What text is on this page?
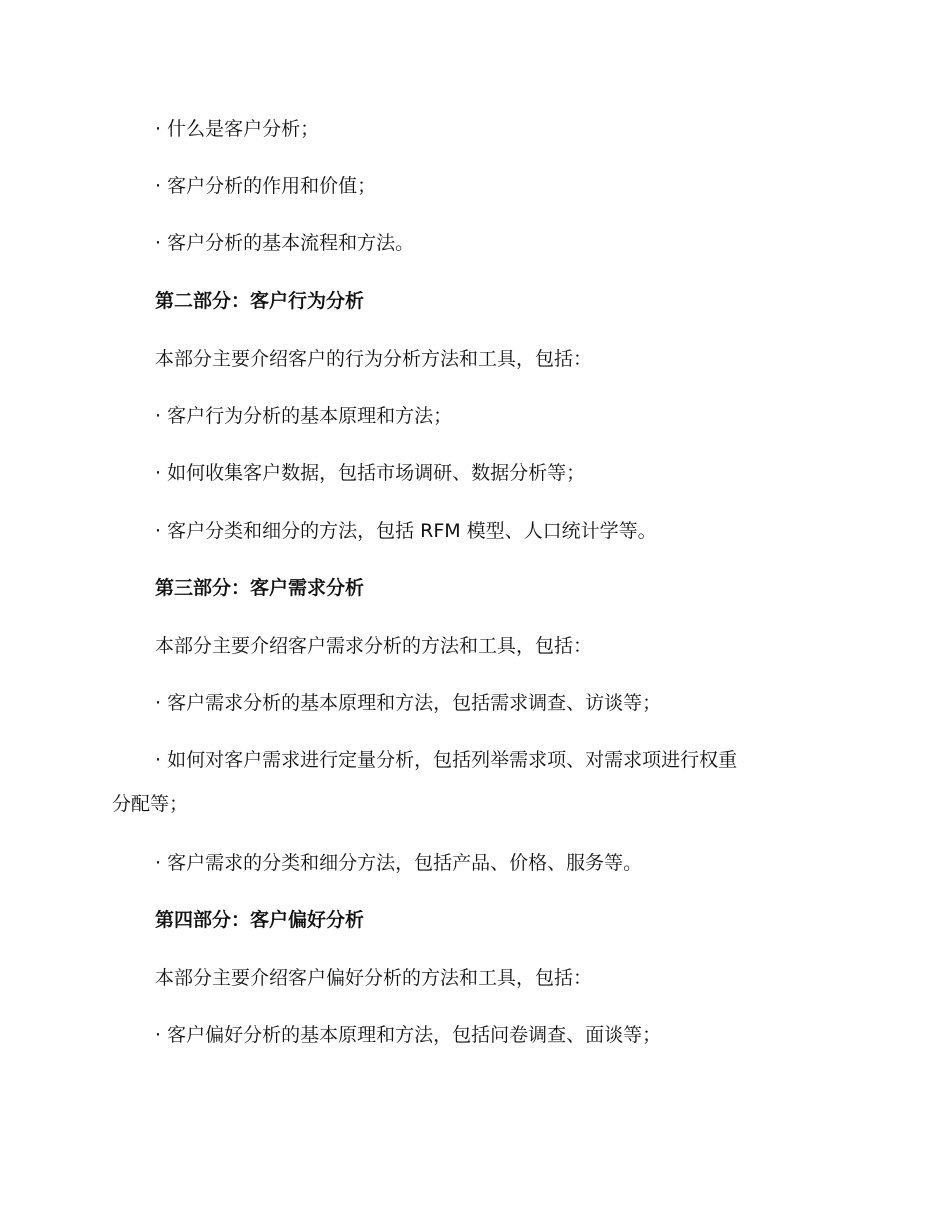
· 什么是客户分析；
· 客户分析的作用和价值；
· 客户分析的基本流程和方法。
第二部分：客户行为分析
本部分主要介绍客户的行为分析方法和工具，包括：
· 客户行为分析的基本原理和方法；
· 如何收集客户数据，包括市场调研、数据分析等；
· 客户分类和细分的方法，包括 RFM 模型、人口统计学等。
第三部分：客户需求分析
本部分主要介绍客户需求分析的方法和工具，包括：
· 客户需求分析的基本原理和方法，包括需求调查、访谈等；
· 如何对客户需求进行定量分析，包括列举需求项、对需求项进行权重
分配等；
· 客户需求的分类和细分方法，包括产品、价格、服务等。
第四部分：客户偏好分析
本部分主要介绍客户偏好分析的方法和工具，包括：
· 客户偏好分析的基本原理和方法，包括问卷调查、面谈等；
